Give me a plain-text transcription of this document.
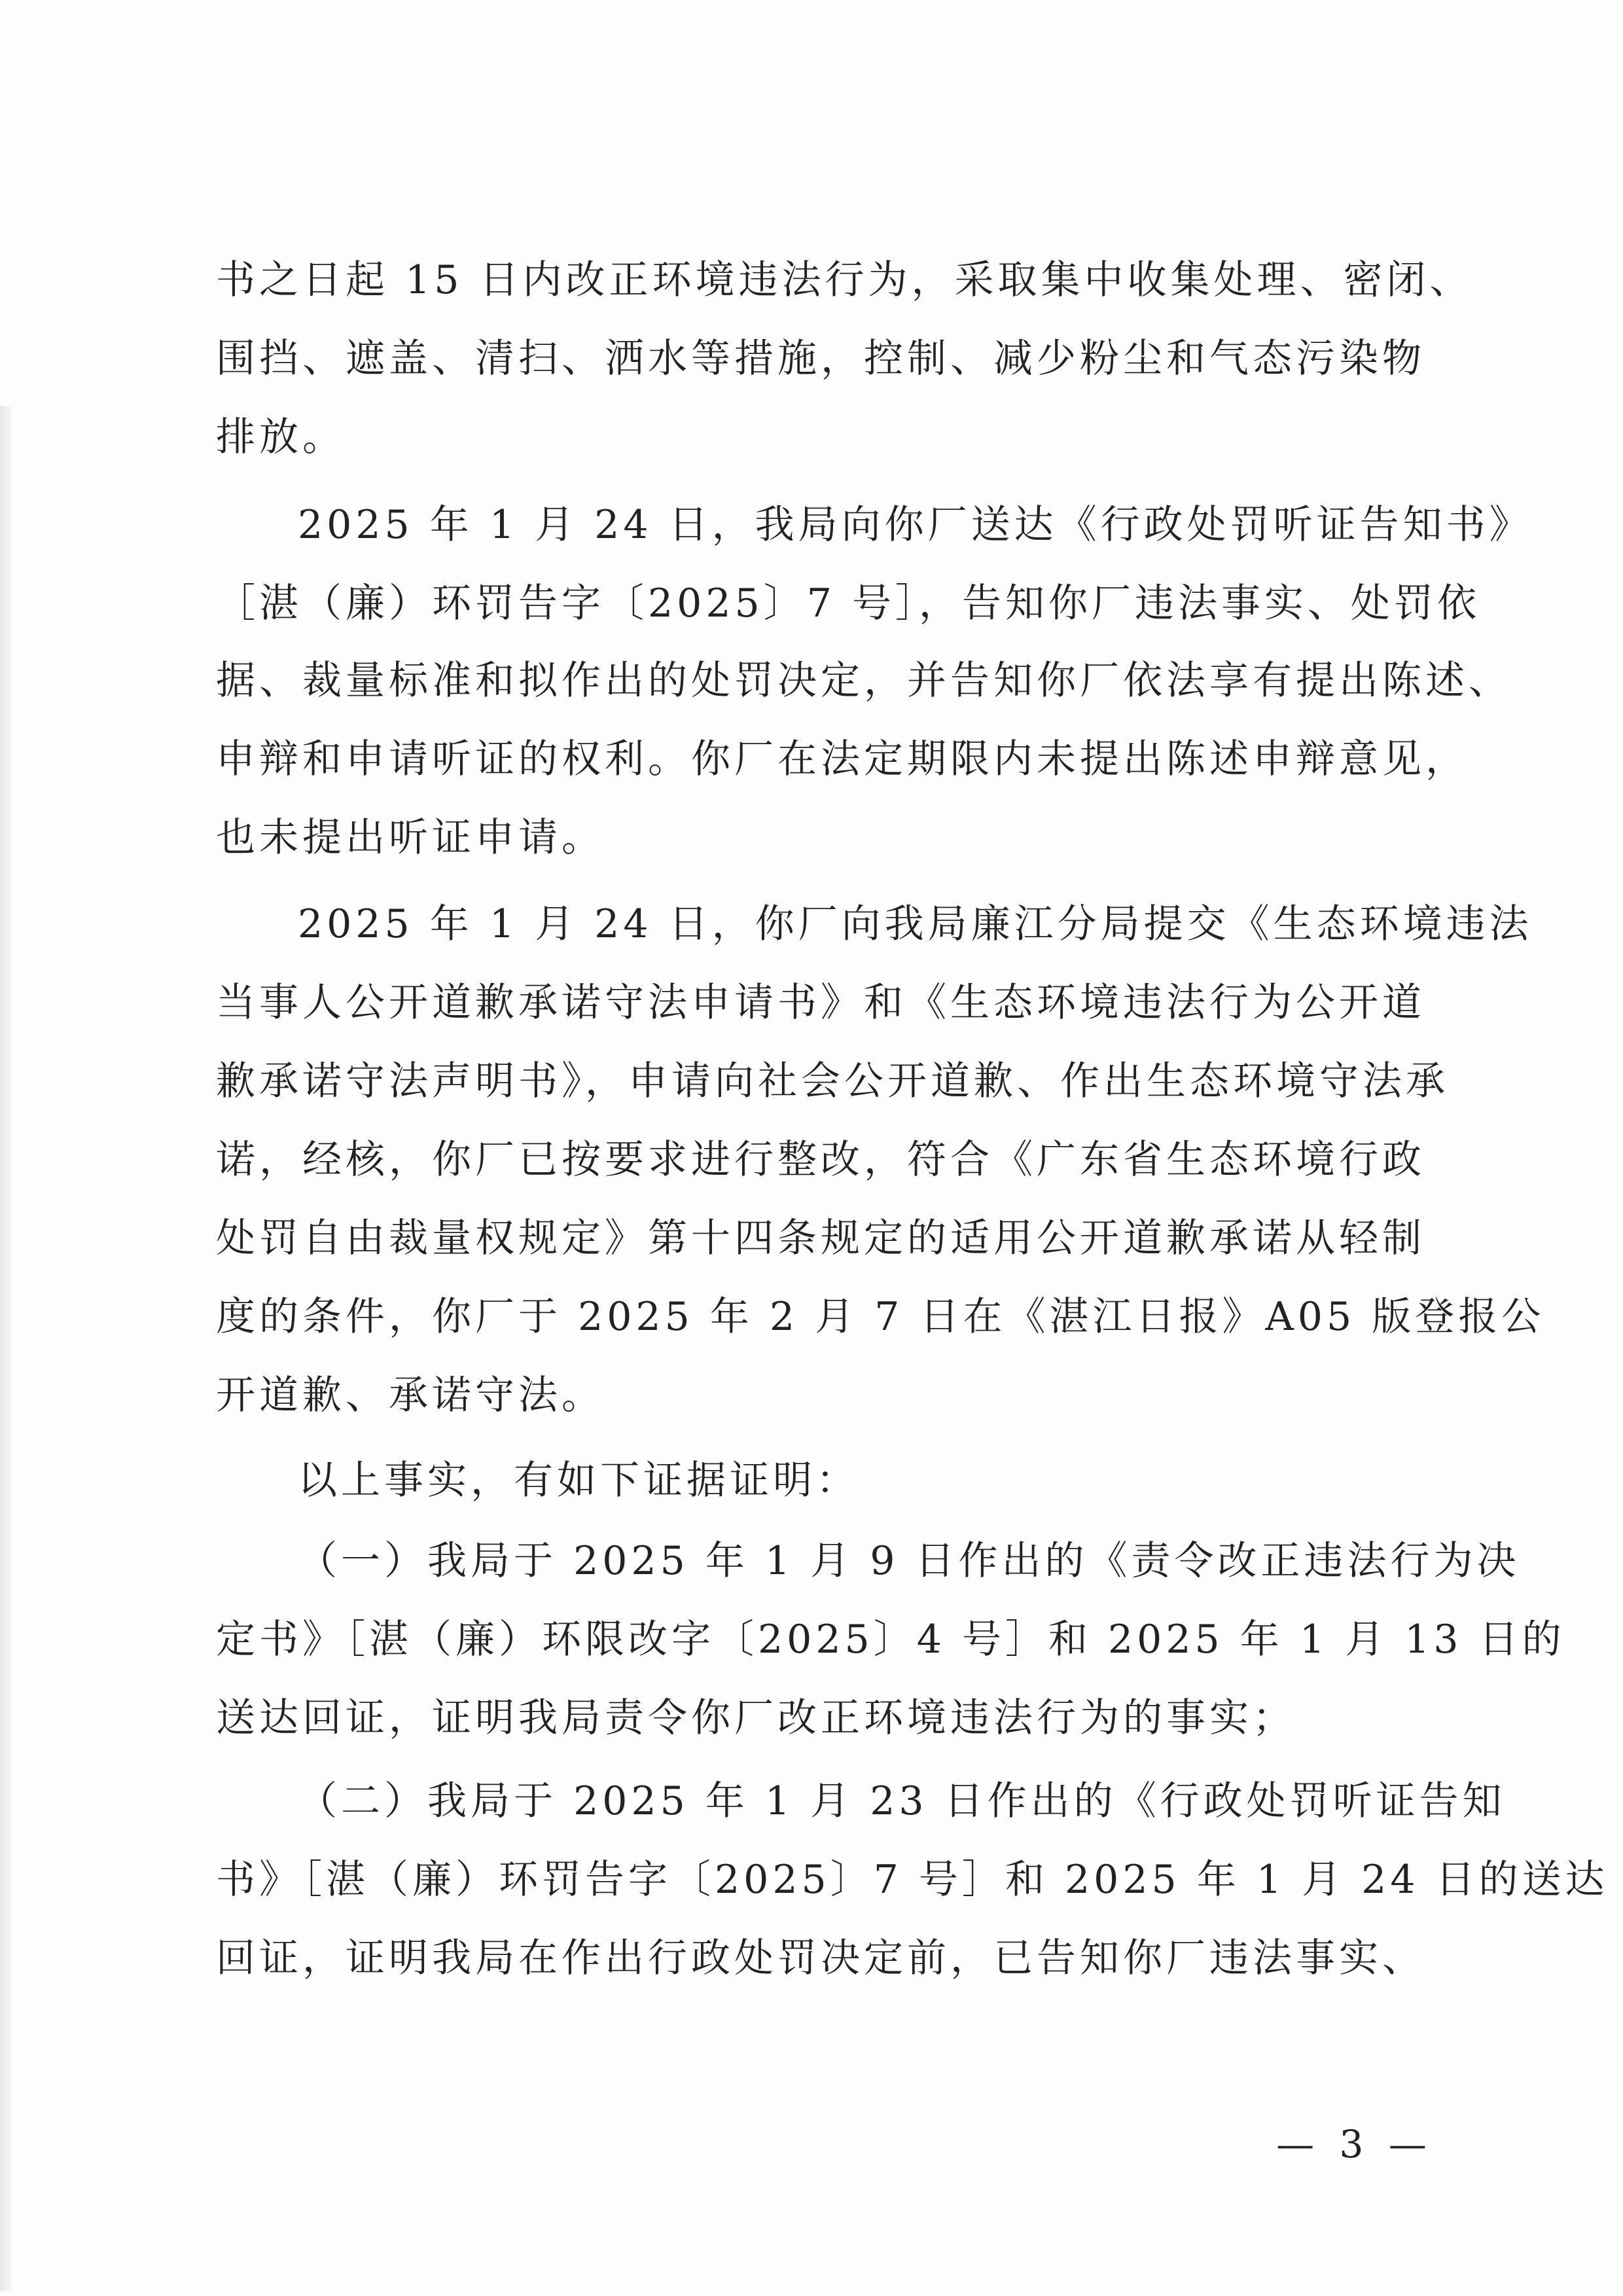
书之日起 15 日内改正环境违法行为，采取集中收集处理、密闭、
围挡、遮盖、清扫、洒水等措施，控制、减少粉尘和气态污染物
排放。
2025 年 1 月 24 日，我局向你厂送达《行政处罚听证告知书》
［湛（廉）环罚告字〔2025〕7 号］，告知你厂违法事实、处罚依
据、裁量标准和拟作出的处罚决定，并告知你厂依法享有提出陈述、
申辩和申请听证的权利。你厂在法定期限内未提出陈述申辩意见，
也未提出听证申请。
2025 年 1 月 24 日，你厂向我局廉江分局提交《生态环境违法
当事人公开道歉承诺守法申请书》和《生态环境违法行为公开道
歉承诺守法声明书》，申请向社会公开道歉、作出生态环境守法承
诺，经核，你厂已按要求进行整改，符合《广东省生态环境行政
处罚自由裁量权规定》第十四条规定的适用公开道歉承诺从轻制
度的条件，你厂于 2025 年 2 月 7 日在《湛江日报》A05 版登报公
开道歉、承诺守法。
以上事实，有如下证据证明：
（一）我局于 2025 年 1 月 9 日作出的《责令改正违法行为决
定书》［湛（廉）环限改字〔2025〕4 号］和 2025 年 1 月 13 日的
送达回证，证明我局责令你厂改正环境违法行为的事实；
（二）我局于 2025 年 1 月 23 日作出的《行政处罚听证告知
书》［湛（廉）环罚告字〔2025〕7 号］和 2025 年 1 月 24 日的送达
回证，证明我局在作出行政处罚决定前，已告知你厂违法事实、
— 3 —
